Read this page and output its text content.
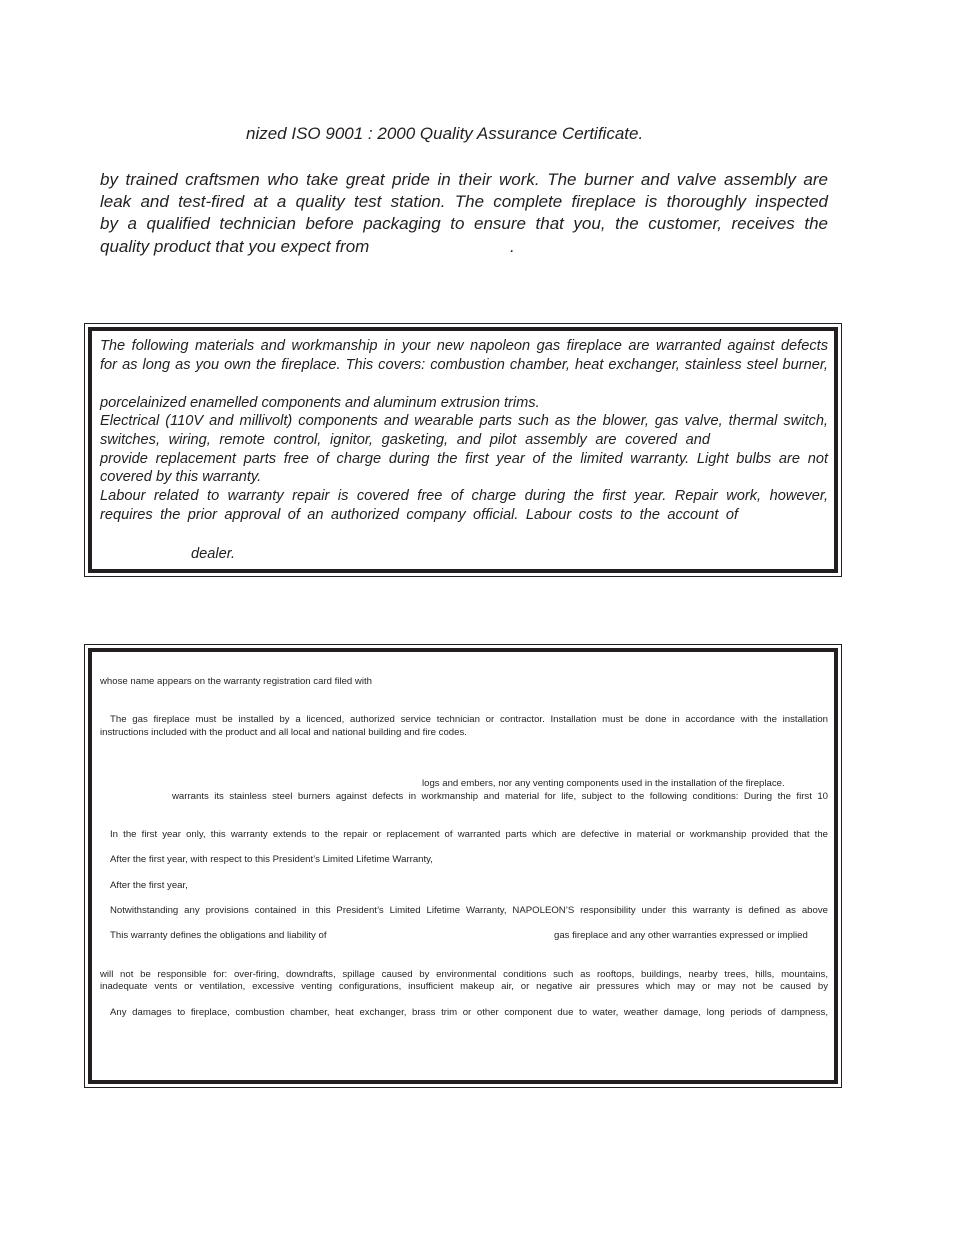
nized ISO 9001 : 2000 Quality Assurance Certificate.
by trained craftsmen who take great pride in their work. The burner and valve assembly are
leak and test-fired at a quality test station. The complete fireplace is thoroughly inspected
by a qualified technician before packaging to ensure that you, the customer, receives the
quality product that you expect from	.
The following materials and workmanship in your new napoleon gas fireplace are warranted against defects
for as long as you own the fireplace. This covers: combustion chamber, heat exchanger, stainless steel burner,
porcelainized enamelled components and aluminum extrusion trims.
Electrical (110V and millivolt) components and wearable parts such as the blower, gas valve, thermal switch,
switches, wiring, remote control, ignitor, gasketing, and pilot assembly are covered and
provide replacement parts free of charge during the first year of the limited warranty. Light bulbs are not
covered by this warranty.
Labour related to warranty repair is covered free of charge during the first year. Repair work, however,
requires the prior approval of an authorized company official. Labour costs to the account of
dealer.
whose name appears on the warranty registration card filed with
The gas fireplace must be installed by a licenced, authorized service technician or contractor. Installation must be done in accordance with the installation
instructions included with the product and all local and national building and fire codes.
logs and embers, nor any venting components used in the installation of the fireplace.
warrants its stainless steel burners against defects in workmanship and material for life, subject to the following conditions: During the first 10
In the first year only, this warranty extends to the repair or replacement of warranted parts which are defective in material or workmanship provided that the
After the first year, with respect to this President’s Limited Lifetime Warranty,
After the first year,
Notwithstanding any provisions contained in this President’s Limited Lifetime Warranty, NAPOLEON’S responsibility under this warranty is defined as above
This warranty defines the obligations and liability of	gas fireplace and any other warranties expressed or implied
will not be responsible for: over-firing, downdrafts, spillage caused by environmental conditions such as rooftops, buildings, nearby trees, hills, mountains,
inadequate vents or ventilation, excessive venting configurations, insufficient makeup air, or negative air pressures which may or may not be caused by
Any damages to fireplace, combustion chamber, heat exchanger, brass trim or other component due to water, weather damage, long periods of dampness,
